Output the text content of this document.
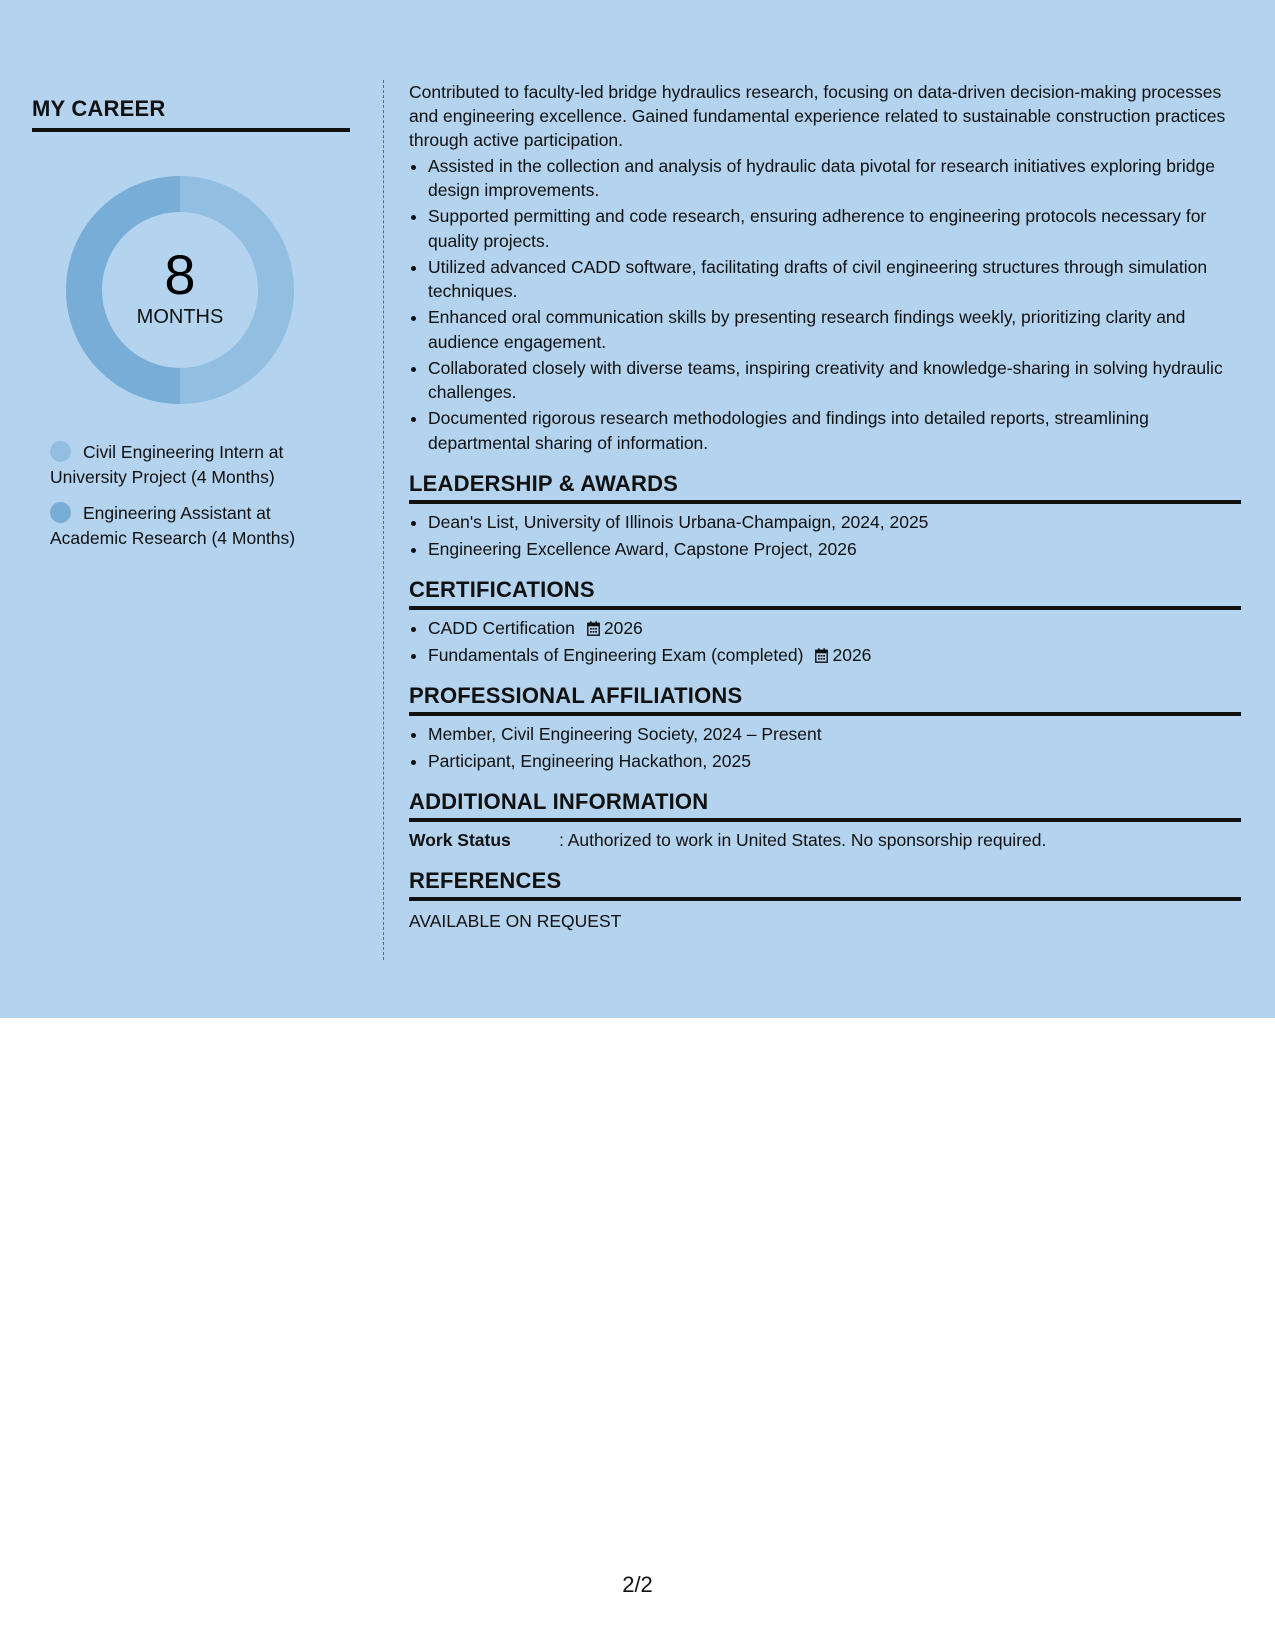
MY CAREER
8
MONTHS
Civil Engineering Intern at University Project (4 Months)
Engineering Assistant at Academic Research (4 Months)

Contributed to faculty-led bridge hydraulics research, focusing on data-driven decision-making processes and engineering excellence. Gained fundamental experience related to sustainable construction practices through active participation.

• Assisted in the collection and analysis of hydraulic data pivotal for research initiatives exploring bridge design improvements.
• Supported permitting and code research, ensuring adherence to engineering protocols necessary for quality projects.
• Utilized advanced CADD software, facilitating drafts of civil engineering structures through simulation techniques.
• Enhanced oral communication skills by presenting research findings weekly, prioritizing clarity and audience engagement.
• Collaborated closely with diverse teams, inspiring creativity and knowledge-sharing in solving hydraulic challenges.
• Documented rigorous research methodologies and findings into detailed reports, streamlining departmental sharing of information.
LEADERSHIP & AWARDS
• Dean's List, University of Illinois Urbana-Champaign, 2024, 2025
• Engineering Excellence Award, Capstone Project, 2026
CERTIFICATIONS
• CADD Certification 2026
• Fundamentals of Engineering Exam (completed) 2026
PROFESSIONAL AFFILIATIONS
• Member, Civil Engineering Society, 2024 – Present
• Participant, Engineering Hackathon, 2025
ADDITIONAL INFORMATION
Work Status	: Authorized to work in United States. No sponsorship required.
REFERENCES
AVAILABLE ON REQUEST
2/2
